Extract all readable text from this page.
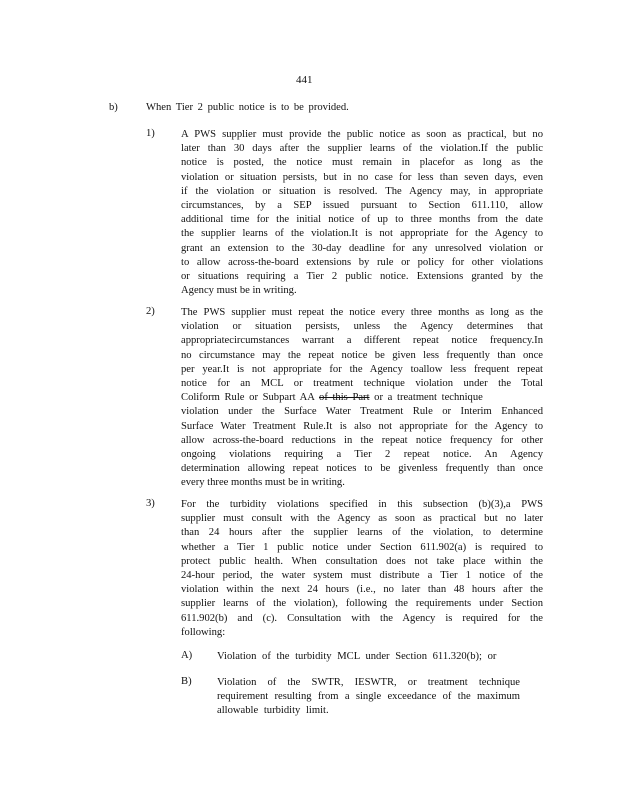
441
b)	When Tier 2 public notice is to be provided.
1) A PWS supplier must provide the public notice as soon as practical, but no
later than 30 days after the supplier learns of the violation.If the public
notice is posted, the notice must remain in placefor as long as the
violation or situation persists, but in no case for less than seven days, even
if the violation or situation is resolved. The Agency may, in appropriate
circumstances, by a SEP issued pursuant to Section 611.110, allow
additional time for the initial notice of up to three months from the date
the supplier learns of the violation.It is not appropriate for the Agency to
grant an extension to the 30-day deadline for any unresolved violation or
to allow across-the-board extensions by rule or policy for other violations
or situations requiring a Tier 2 public notice. Extensions granted by the
Agency must be in writing.
2) The PWS supplier must repeat the notice every three months as long as the
violation or situation persists, unless the Agency determines that
appropriatecircumstances warrant a different repeat notice frequency.In
no circumstance may the repeat notice be given less frequently than once
per year.It is not appropriate for the Agency toallow less frequent repeat
notice for an MCL or treatment technique violation under the Total
Coliform Rule or Subpart AA of this Part or a treatment technique
violation under the Surface Water Treatment Rule or Interim Enhanced
Surface Water Treatment Rule.It is also not appropriate for the Agency to
allow across-the-board reductions in the repeat notice frequency for other
ongoing violations requiring a Tier 2 repeat notice. An Agency
determination allowing repeat notices to be givenless frequently than once
every three months must be in writing.
3) For the turbidity violations specified in this subsection (b)(3),a PWS
supplier must consult with the Agency as soon as practical but no later
than 24 hours after the supplier learns of the violation, to determine
whether a Tier 1 public notice under Section 611.902(a) is required to
protect public health. When consultation does not take place within the
24-hour period, the water system must distribute a Tier 1 notice of the
violation within the next 24 hours (i.e., no later than 48 hours after the
supplier learns of the violation), following the requirements under Section
611.902(b) and (c). Consultation with the Agency is required for the
following:
A) Violation of the turbidity MCL under Section 611.320(b); or
B) Violation of the SWTR, IESWTR, or treatment technique
requirement resulting from a single exceedance of the maximum
allowable turbidity limit.
